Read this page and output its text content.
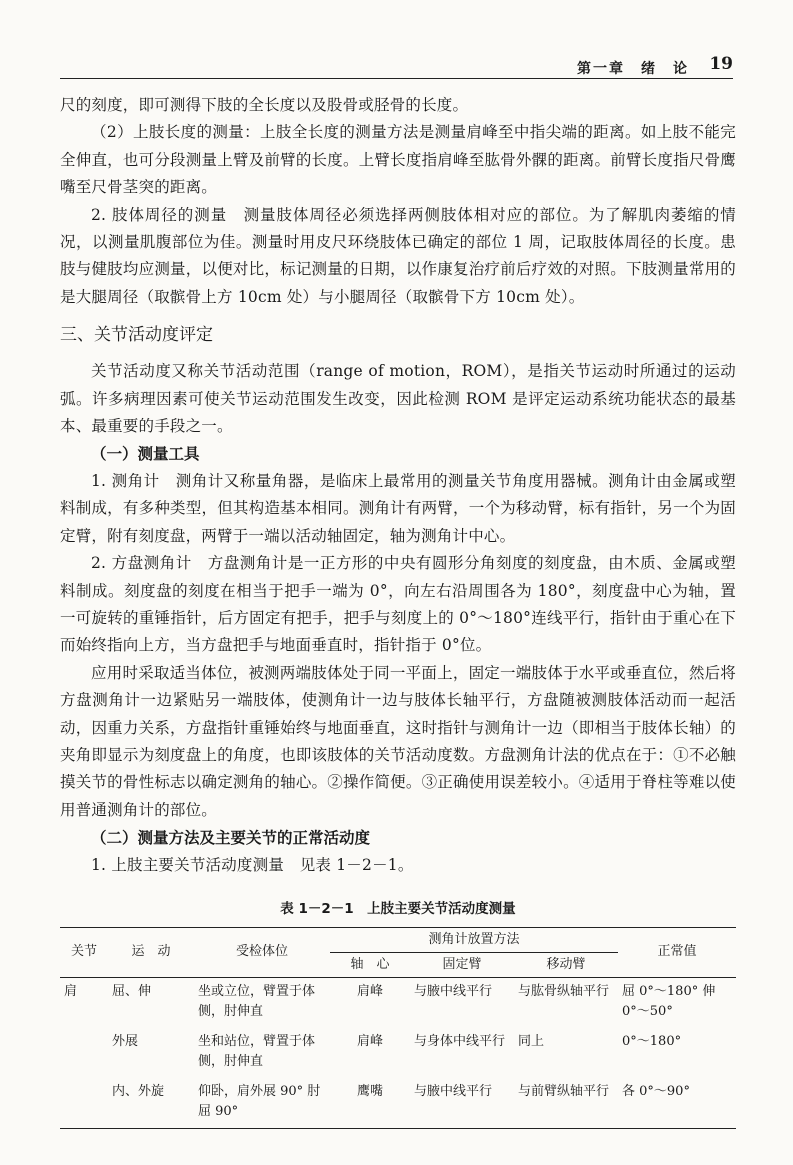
第一章　绪　论 19

尺的刻度，即可测得下肢的全长度以及股骨或胫骨的长度。

（2）上肢长度的测量：上肢全长度的测量方法是测量肩峰至中指尖端的距离。如上肢不能完全伸直，也可分段测量上臂及前臂的长度。上臂长度指肩峰至肱骨外髁的距离。前臂长度指尺骨鹰嘴至尺骨茎突的距离。

2. 肢体周径的测量　测量肢体周径必须选择两侧肢体相对应的部位。为了解肌肉萎缩的情况，以测量肌腹部位为佳。测量时用皮尺环绕肢体已确定的部位 1 周，记取肢体周径的长度。患肢与健肢均应测量，以便对比，标记测量的日期，以作康复治疗前后疗效的对照。下肢测量常用的是大腿周径（取髌骨上方 10cm 处）与小腿周径（取髌骨下方 10cm 处）。

三、关节活动度评定

关节活动度又称关节活动范围（range of motion，ROM），是指关节运动时所通过的运动弧。许多病理因素可使关节运动范围发生改变，因此检测 ROM 是评定运动系统功能状态的最基本、最重要的手段之一。

（一）测量工具

1. 测角计　测角计又称量角器，是临床上最常用的测量关节角度用器械。测角计由金属或塑料制成，有多种类型，但其构造基本相同。测角计有两臂，一个为移动臂，标有指针，另一个为固定臂，附有刻度盘，两臂于一端以活动轴固定，轴为测角计中心。

2. 方盘测角计　方盘测角计是一正方形的中央有圆形分角刻度的刻度盘，由木质、金属或塑料制成。刻度盘的刻度在相当于把手一端为 0°，向左右沿周围各为 180°，刻度盘中心为轴，置一可旋转的重锤指针，后方固定有把手，把手与刻度上的 0°～180°连线平行，指针由于重心在下而始终指向上方，当方盘把手与地面垂直时，指针指于 0°位。

应用时采取适当体位，被测两端肢体处于同一平面上，固定一端肢体于水平或垂直位，然后将方盘测角计一边紧贴另一端肢体，使测角计一边与肢体长轴平行，方盘随被测肢体活动而一起活动，因重力关系，方盘指针重锤始终与地面垂直，这时指针与测角计一边（即相当于肢体长轴）的夹角即显示为刻度盘上的角度，也即该肢体的关节活动度数。方盘测角计法的优点在于：①不必触摸关节的骨性标志以确定测角的轴心。②操作简便。③正确使用误差较小。④适用于脊柱等难以使用普通测角计的部位。

（二）测量方法及主要关节的正常活动度

1. 上肢主要关节活动度测量　见表 1－2－1。

表 1－2－1　上肢主要关节活动度测量
关节	运　动	受检体位	测角计放置方法			正常值
			轴　心	固定臂	移动臂	
肩	屈、伸	坐或立位，臂置于体侧，肘伸直	肩峰	与腋中线平行	与肱骨纵轴平行	屈 0°～180° 伸 0°～50°
	外展	坐和站位，臂置于体侧，肘伸直	肩峰	与身体中线平行	同上	0°～180°
	内、外旋	仰卧，肩外展 90° 肘屈 90°	鹰嘴	与腋中线平行	与前臂纵轴平行	各 0°～90°
